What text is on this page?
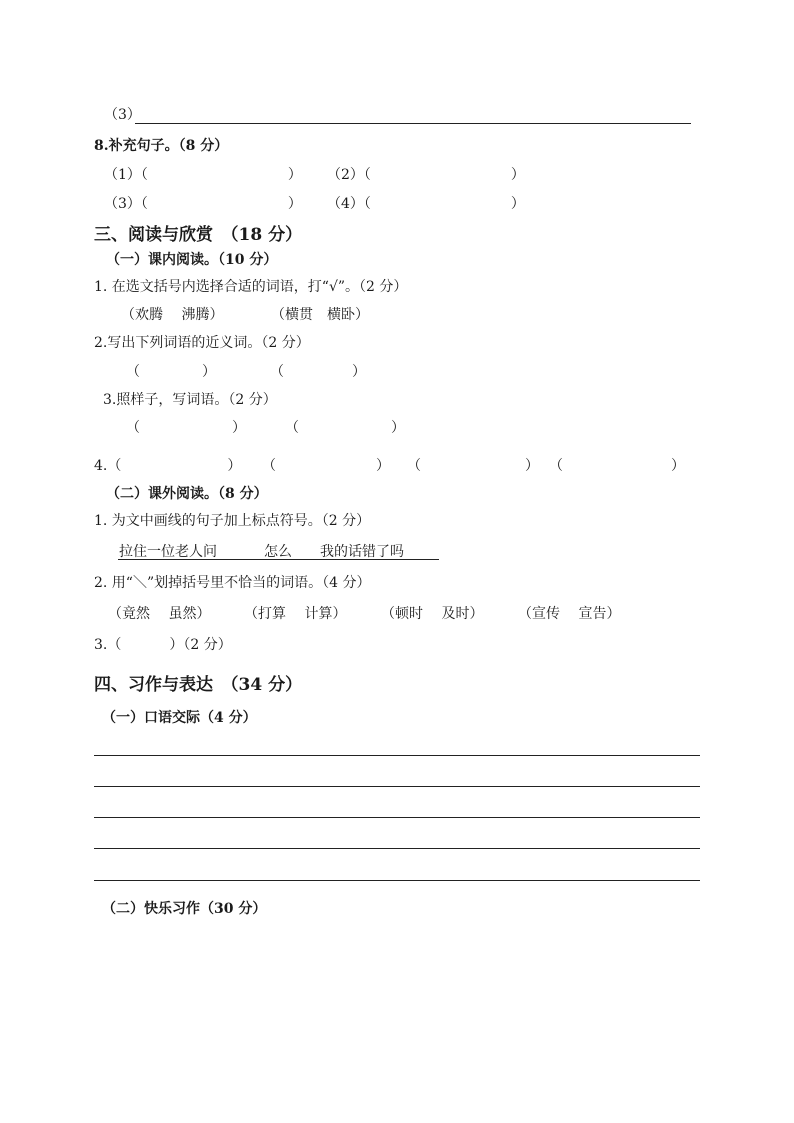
（3）
8.补充句子。（8 分）
（1）（	） （2）（	）
（3）（	） （4）（	）
三、阅读与欣赏　（18 分）
（一）课内阅读。（10 分）
1. 在选文括号内选择合适的词语，打“√”。（2 分）
（欢腾　 沸腾）	（横贯　横卧）
2.写出下列词语的近义词。（2 分）
（	）	（	）
3.照样子，写词语。（2 分）
（	）	（	）
4.（	） （	） （	） （	）
（二）课外阅读。（8 分）
1. 为文中画线的句子加上标点符号。（2 分）
拉住一位老人问	怎么 我的话错了吗
2. 用“＼”划掉括号里不恰当的词语。（4 分）
（竟然　 虽然） （打算　 计算） （顿时　 及时） （宣传　 宣告）
3.（	）（2 分）
四、习作与表达　（34 分）
（一）口语交际（4 分）
（二）快乐习作（30 分）
